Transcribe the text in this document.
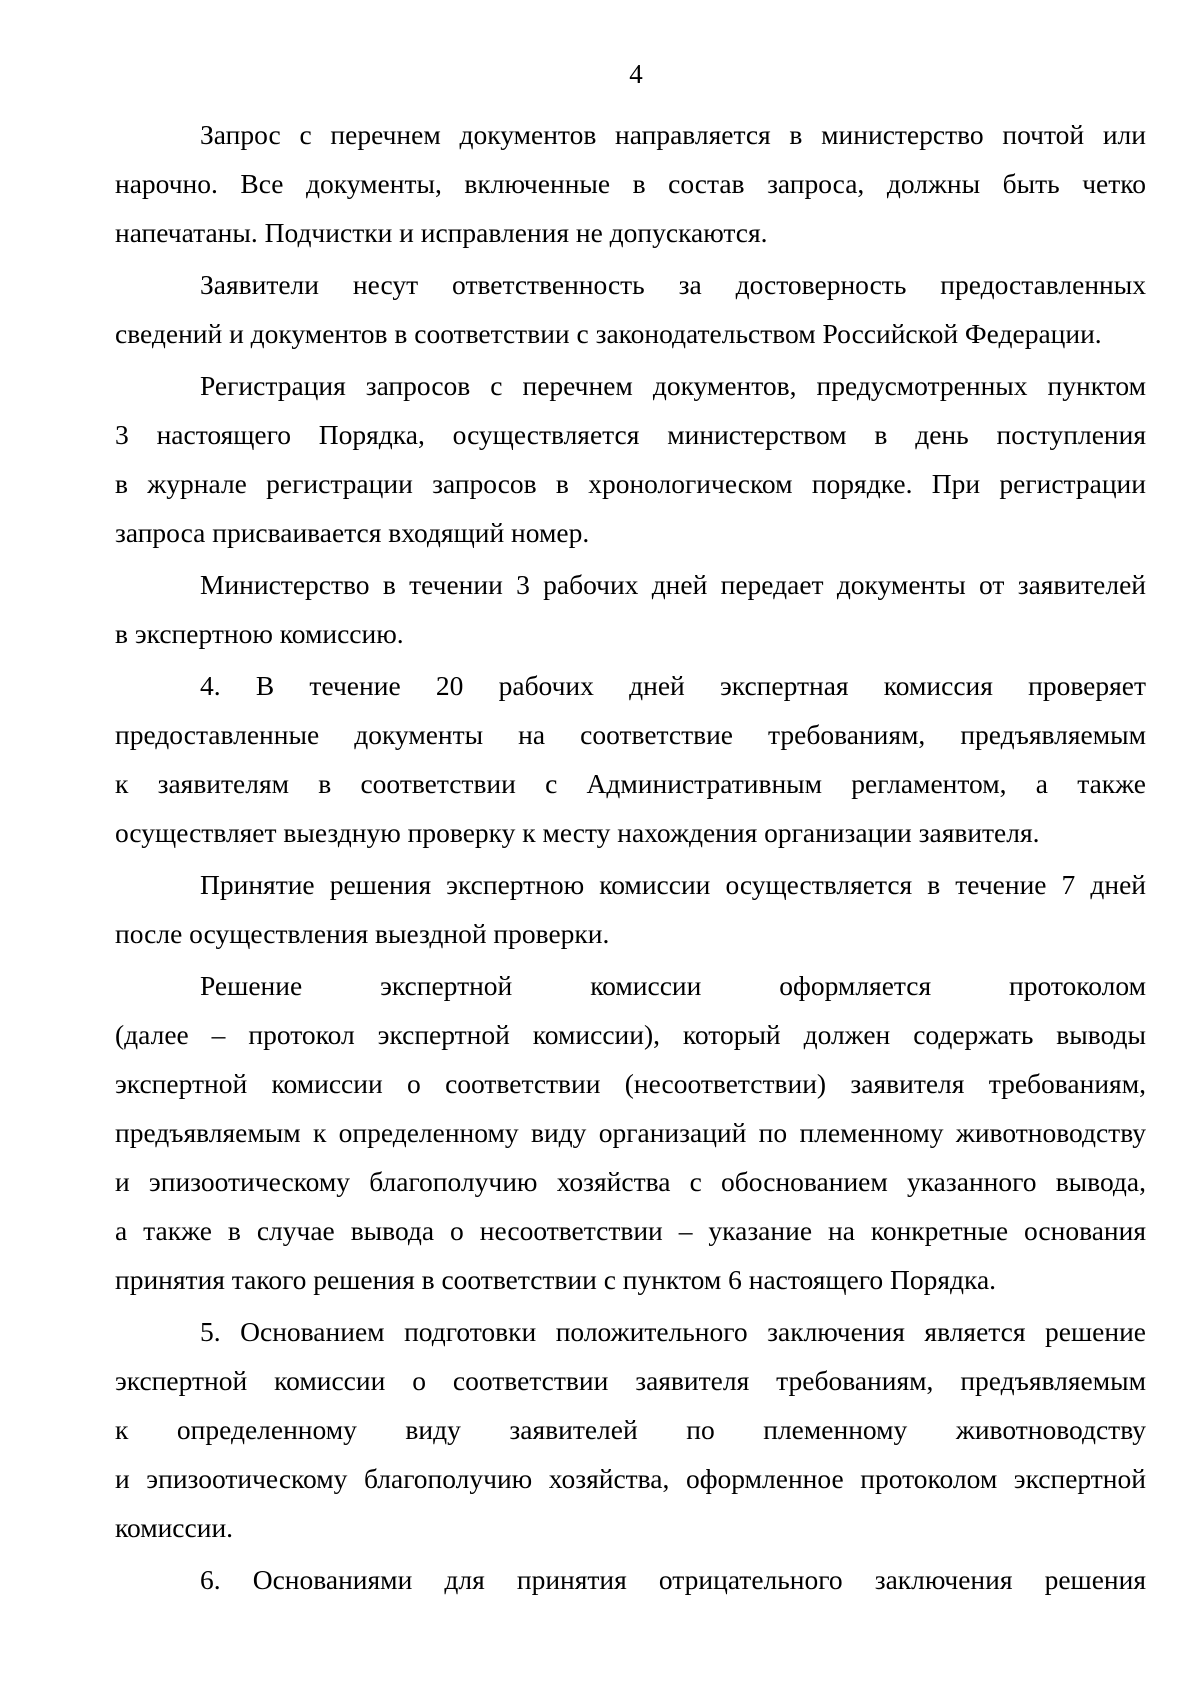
4

Запрос с перечнем документов направляется в министерство почтой или
нарочно. Все документы, включенные в состав запроса, должны быть четко
напечатаны. Подчистки и исправления не допускаются.

Заявители несут ответственность за достоверность предоставленных
сведений и документов в соответствии с законодательством Российской Федерации.

Регистрация запросов с перечнем документов, предусмотренных пунктом
3 настоящего Порядка, осуществляется министерством в день поступления
в журнале регистрации запросов в хронологическом порядке. При регистрации
запроса присваивается входящий номер.

Министерство в течении 3 рабочих дней передает документы от заявителей
в экспертною комиссию.

4. В течение 20 рабочих дней экспертная комиссия проверяет
предоставленные документы на соответствие требованиям, предъявляемым
к заявителям в соответствии с Административным регламентом, а также
осуществляет выездную проверку к месту нахождения организации заявителя.

Принятие решения экспертною комиссии осуществляется в течение 7 дней
после осуществления выездной проверки.

Решение экспертной комиссии оформляется протоколом
(далее – протокол экспертной комиссии), который должен содержать выводы
экспертной комиссии о соответствии (несоответствии) заявителя требованиям,
предъявляемым к определенному виду организаций по племенному животноводству
и эпизоотическому благополучию хозяйства с обоснованием указанного вывода,
а также в случае вывода о несоответствии – указание на конкретные основания
принятия такого решения в соответствии с пунктом 6 настоящего Порядка.

5. Основанием подготовки положительного заключения является решение
экспертной комиссии о соответствии заявителя требованиям, предъявляемым
к определенному виду заявителей по племенному животноводству
и эпизоотическому благополучию хозяйства, оформленное протоколом экспертной
комиссии.

6. Основаниями для принятия отрицательного заключения решения
